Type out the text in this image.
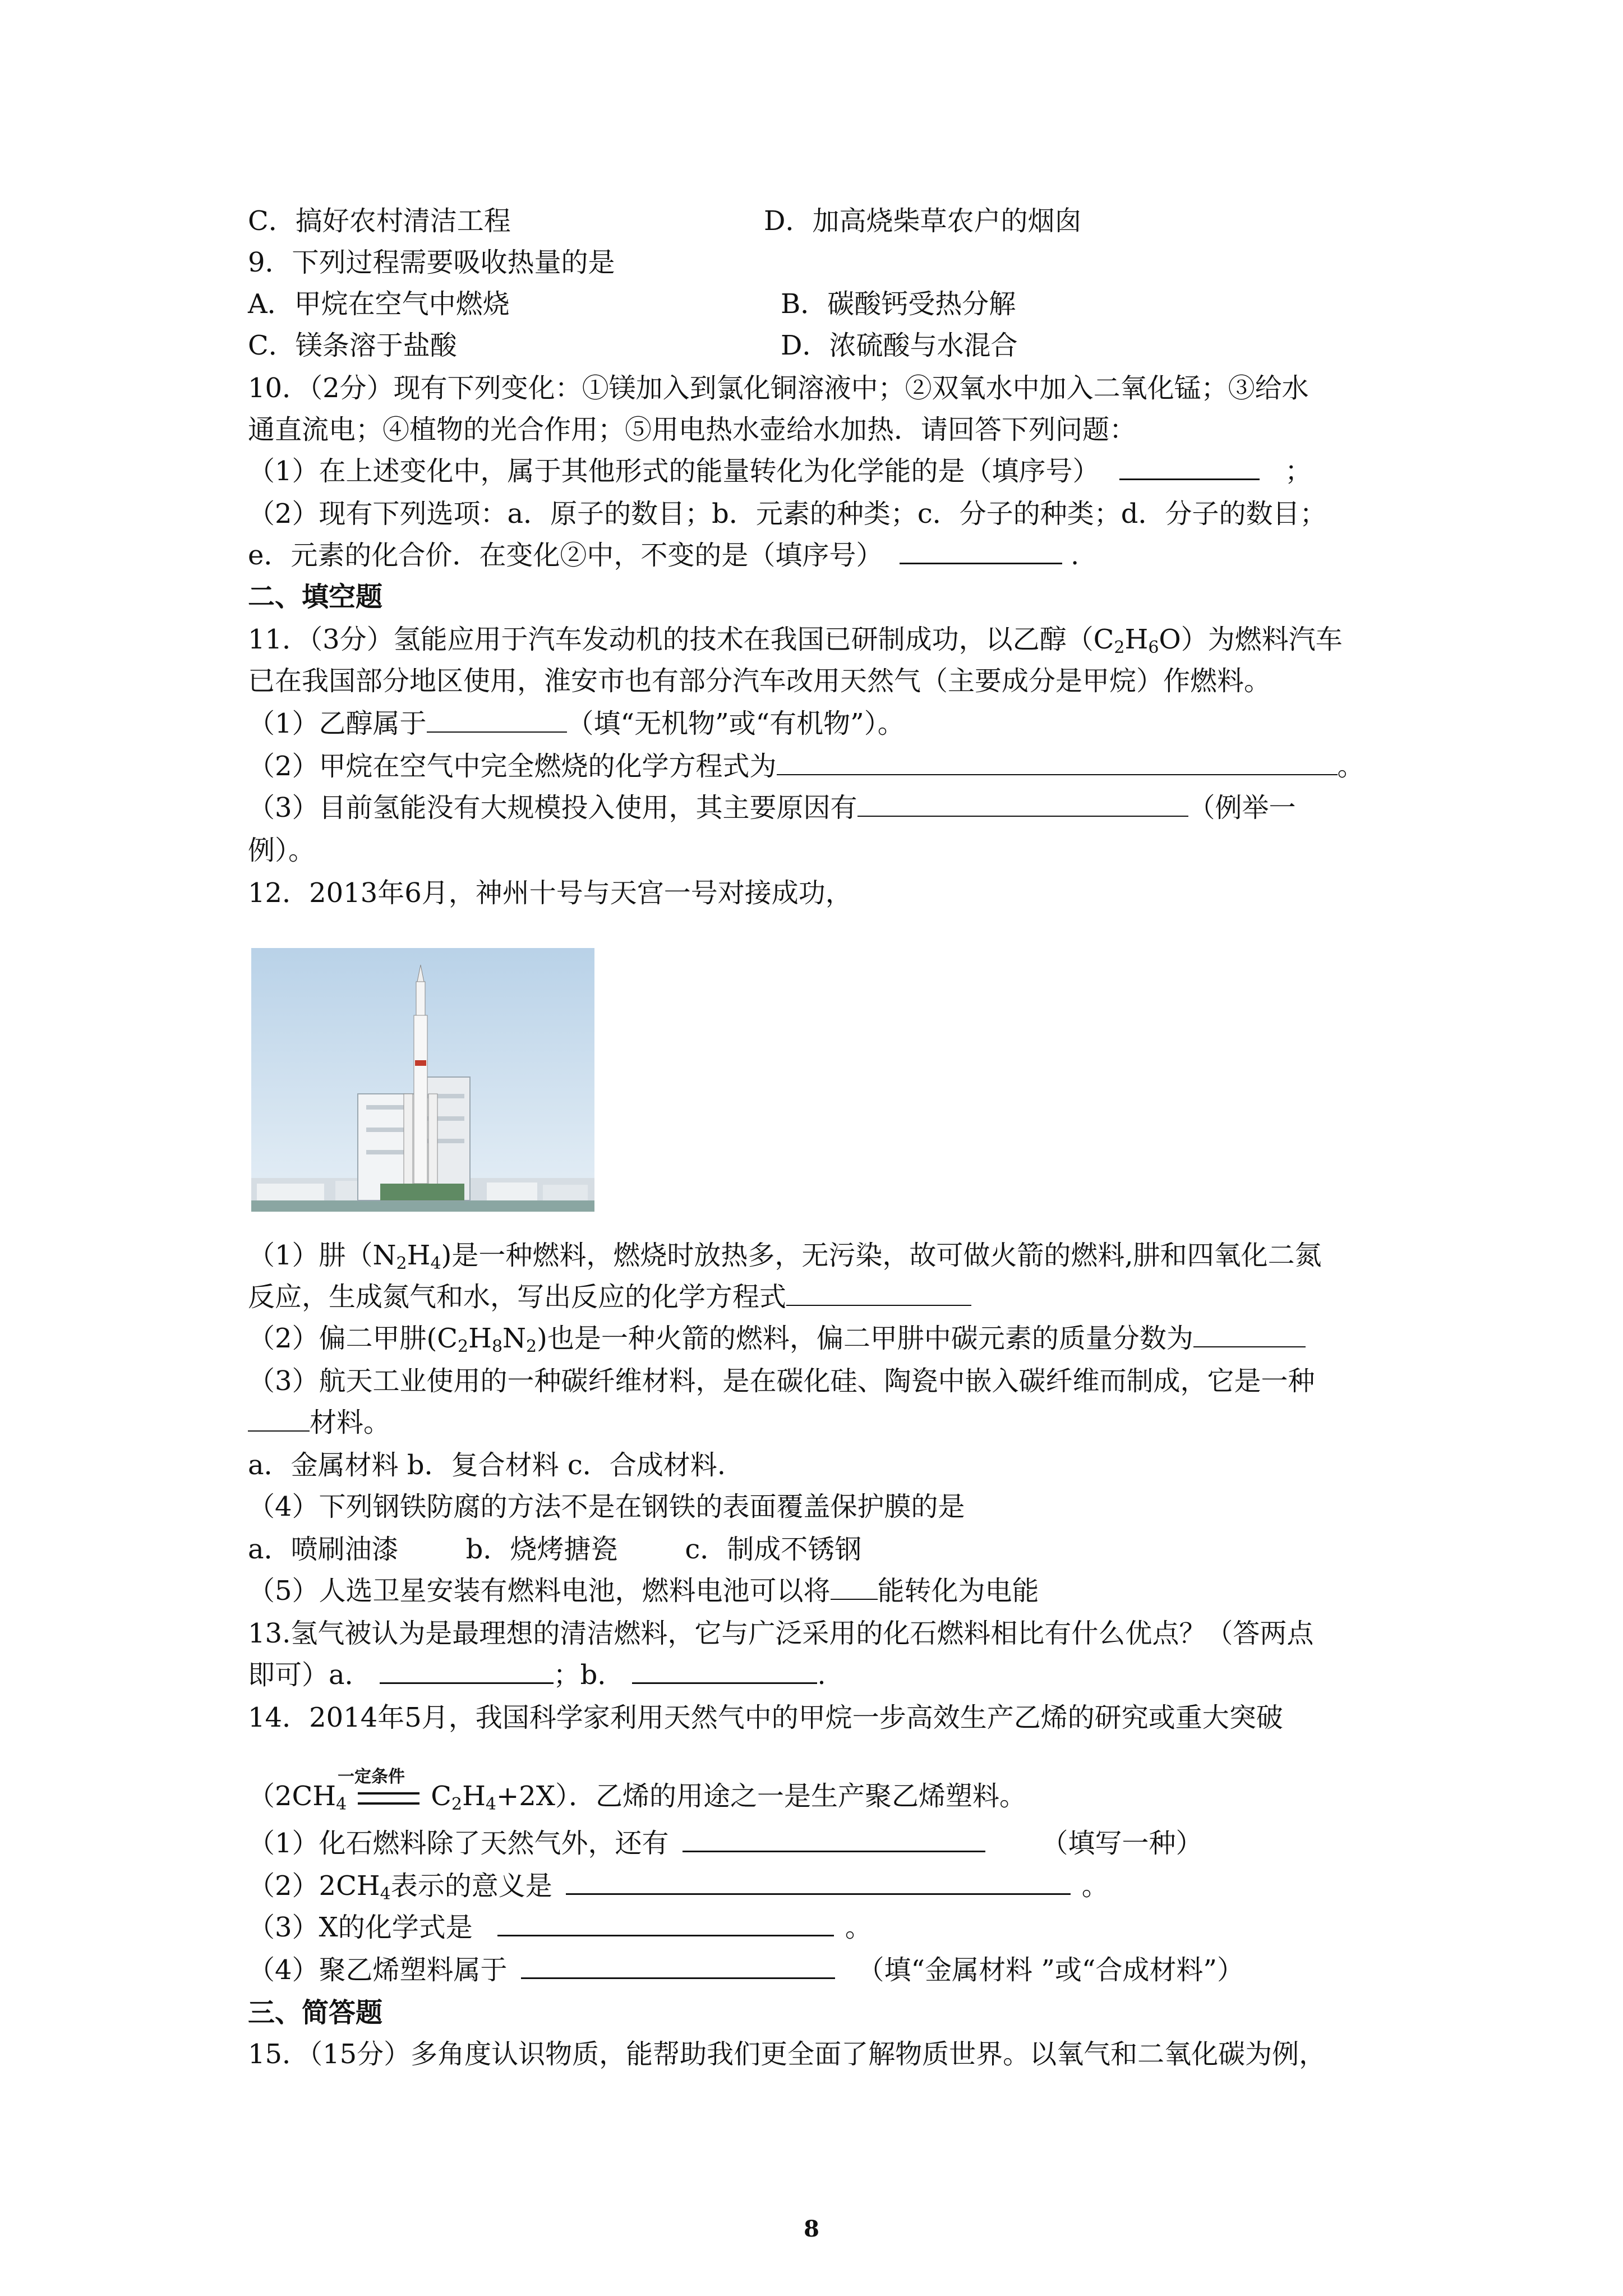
C．搞好农村清洁工程	D．加高烧柴草农户的烟囱
9．下列过程需要吸收热量的是
A．甲烷在空气中燃烧	B．碳酸钙受热分解
C．镁条溶于盐酸	D．浓硫酸与水混合
10．（2分）现有下列变化：①镁加入到氯化铜溶液中；②双氧水中加入二氧化锰；③给水
通直流电；④植物的光合作用；⑤用电热水壶给水加热．请回答下列问题：
（1）在上述变化中，属于其他形式的能量转化为化学能的是（填序号）	；
（2）现有下列选项：a．原子的数目；b．元素的种类；c．分子的种类；d．分子的数目；
e．元素的化合价．在变化②中，不变的是（填序号）	.
二、填空题
11．（3分）氢能应用于汽车发动机的技术在我国已研制成功，以乙醇$(C_2H_6O)$为燃料汽车
已在我国部分地区使用，淮安市也有部分汽车改用天然气（主要成分是甲烷）作燃料。
（1）乙醇属于	（填“无机物”或“有机物”）。
（2）甲烷在空气中完全燃烧的化学方程式为	。
（3）目前氢能没有大规模投入使用，其主要原因有	（例举一
例）。
12．2013年6月，神州十号与天宫一号对接成功，
（1）肼$(N_2H_4)$是一种燃料，燃烧时放热多，无污染，故可做火箭的燃料,肼和四氧化二氮
反应，生成氮气和水，写出反应的化学方程式
（2）偏二甲肼$(C_2H_8N_2)$也是一种火箭的燃料，偏二甲肼中碳元素的质量分数为
（3）航天工业使用的一种碳纤维材料，是在碳化硅、陶瓷中嵌入碳纤维而制成，它是一种
材料。
a．金属材料 b．复合材料 c．合成材料.
（4）下列钢铁防腐的方法不是在钢铁的表面覆盖保护膜的是
a．喷刷油漆	b．烧烤搪瓷	c．制成不锈钢
（5）人选卫星安装有燃料电池，燃料电池可以将 能转化为电能
13.氢气被认为是最理想的清洁燃料，它与广泛采用的化石燃料相比有什么优点？（答两点
即可）a．	；b．	.
14．2014年5月，我国科学家利用天然气中的甲烷一步高效生产乙烯的研究或重大突破
一定条件
（$2CH_4$	$C_2H_4+2X$）．乙烯的用途之一是生产聚乙烯塑料。
（1）化石燃料除了天然气外，还有	（填写一种）
$(2)2CH_4$表示的意义是	。
（3）X的化学式是	。
（4）聚乙烯塑料属于	（填“金属材料 ”或“合成材料”）
三、简答题
15．（15分）多角度认识物质，能帮助我们更全面了解物质世界。以氧气和二氧化碳为例，
8
